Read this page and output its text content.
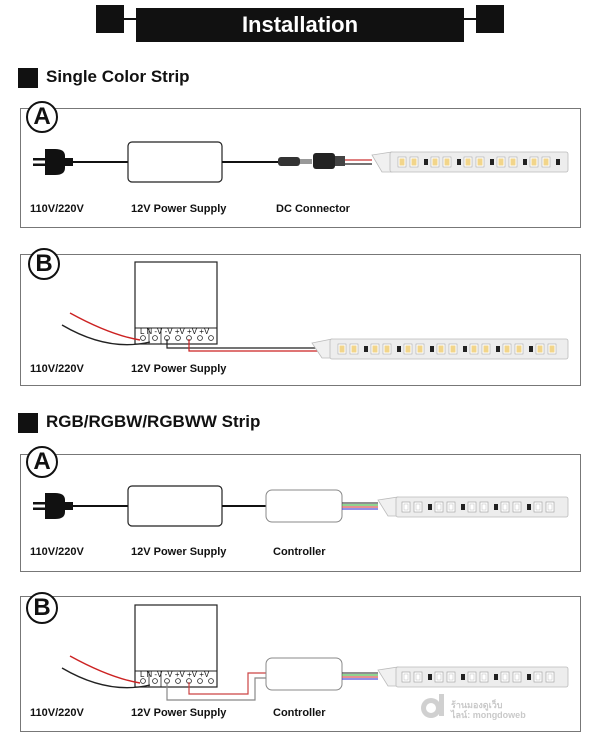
Installation
Single Color Strip
A
110V/220V	12V Power Supply	DC Connector
B
110V/220V	12V Power Supply
RGB/RGBW/RGBWW Strip
A
110V/220V	12V Power Supply	Controller
B
110V/220V	12V Power Supply	Controller
L N -V -V +V +V +V
L N -V -V +V +V +V
ร้านมองดูเว็บ
ไลน์: mongdoweb
